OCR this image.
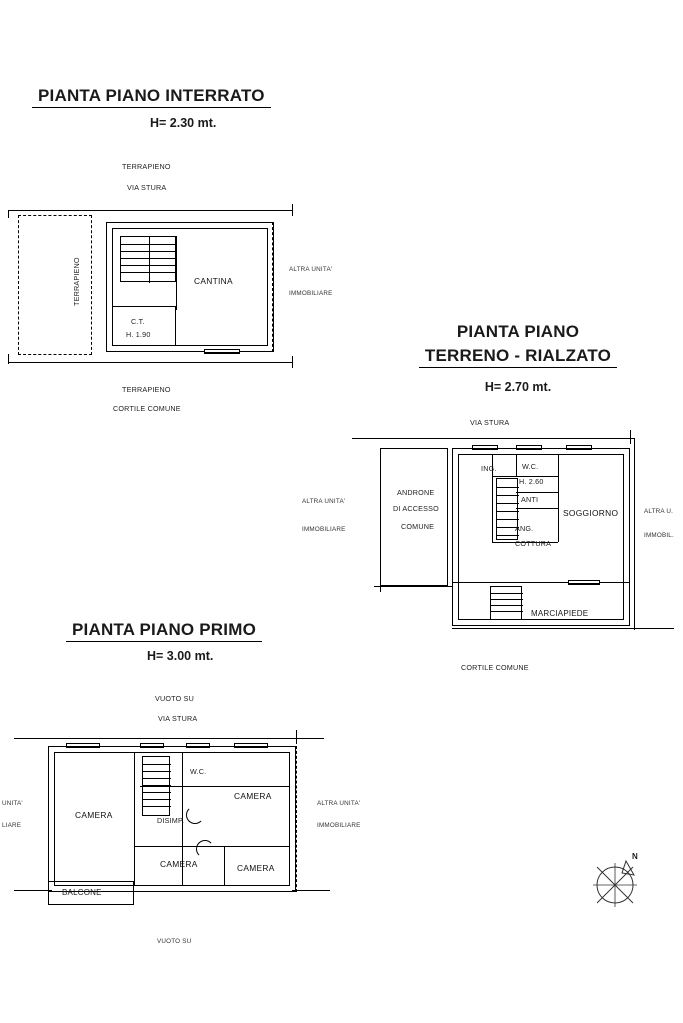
PIANTA PIANO INTERRATO
H= 2.30 mt.
TERRAPIENO
VIA STURA
TERRAPIENO	CANTINA
C.T.
H. 1.90
ALTRA UNITA'
IMMOBILIARE
TERRAPIENO
CORTILE COMUNE
PIANTA PIANO
TERRENO - RIALZATO
H= 2.70 mt.
VIA STURA
ANDRONE
DI ACCESSO
COMUNE
ING.	W.C.
H. 2.60
ANTI
SOGGIORNO
ANG.
COTTURA
MARCIAPIEDE
ALTRA UNITA'
IMMOBILIARE
ALTRA U.
IMMOBIL.
CORTILE COMUNE
PIANTA PIANO PRIMO
H= 3.00 mt.
VUOTO SU
VIA STURA
CAMERA
W.C.
DISIMP.
CAMERA
CAMERA	CAMERA
BALCONE
UNITA'
LIARE
ALTRA UNITA'
IMMOBILIARE
VUOTO SU
N
